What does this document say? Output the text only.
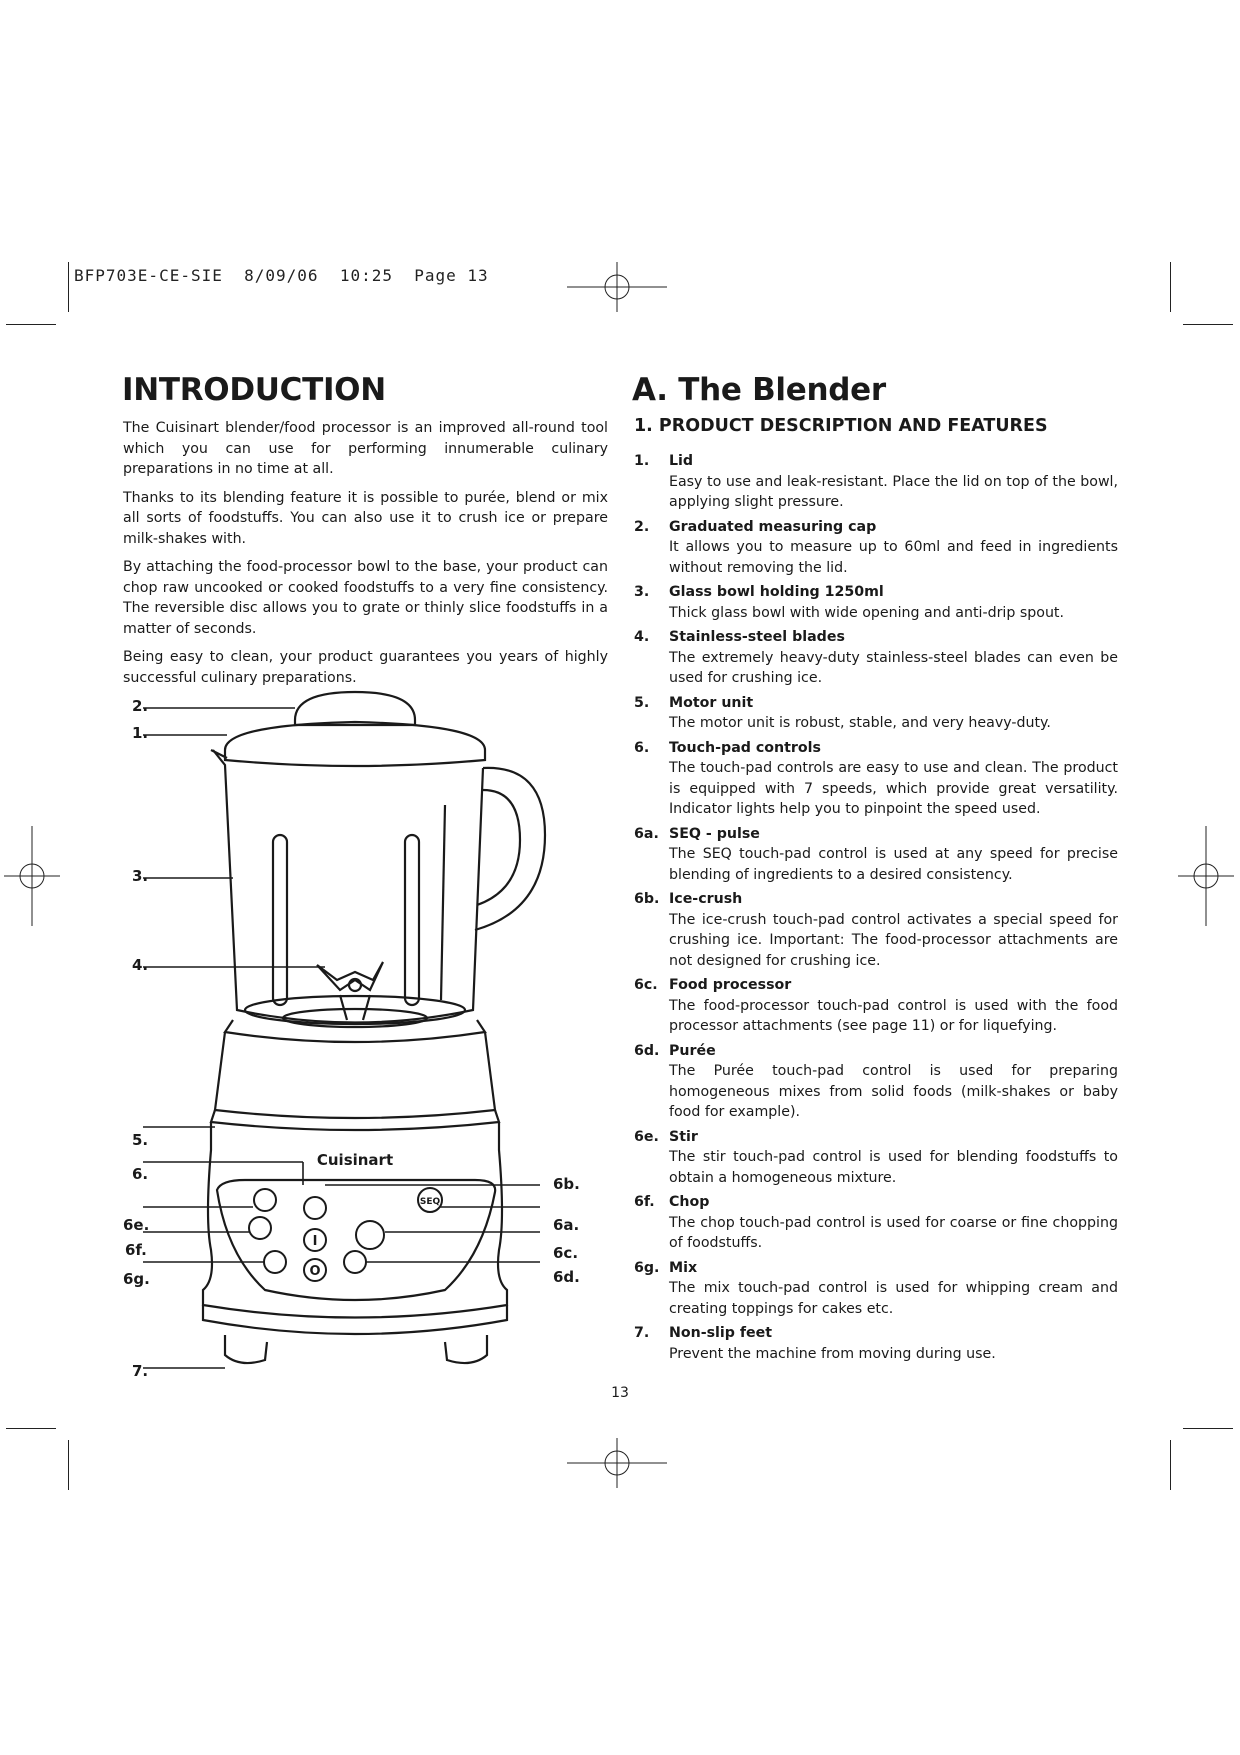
BFP703E-CE-SIE  8/09/06  10:25  Page 13
INTRODUCTION

The Cuisinart blender/food processor is an improved all-round tool which you can use for performing innumerable culinary preparations in no time at all.

Thanks to its blending feature it is possible to purée, blend or mix all sorts of foodstuffs. You can also use it to crush ice or prepare milk-shakes with.

By attaching the food-processor bowl to the base, your product can chop raw uncooked or cooked foodstuffs to a very fine consistency. The reversible disc allows you to grate or thinly slice foodstuffs in a matter of seconds.

Being easy to clean, your product guarantees you years of highly successful culinary preparations.

Cuisinart
SEQ
I
O
2.
1.
3.
4.
5.
6.
6e.
6f.
6g.
7.
6b.
6a.
6c.
6d.
A. The Blender
1. PRODUCT DESCRIPTION AND FEATURES
1. Lid
Easy to use and leak-resistant. Place the lid on top of the bowl, applying slight pressure.
2. Graduated measuring cap
It allows you to measure up to 60ml and feed in ingredients without removing the lid.
3. Glass bowl holding 1250ml
Thick glass bowl with wide opening and anti-drip spout.
4. Stainless-steel blades
The extremely heavy-duty stainless-steel blades can even be used for crushing ice.
5. Motor unit
The motor unit is robust, stable, and very heavy-duty.
6. Touch-pad controls
The touch-pad controls are easy to use and clean. The product is equipped with 7 speeds, which provide great versatility. Indicator lights help you to pinpoint the speed used.
6a. SEQ - pulse
The SEQ touch-pad control is used at any speed for precise blending of ingredients to a desired consistency.
6b. Ice-crush
The ice-crush touch-pad control activates a special speed for crushing ice. Important: The food-processor attachments are not designed for crushing ice.
6c. Food processor
The food-processor touch-pad control is used with the food processor attachments (see page 11) or for liquefying.
6d. Purée
The Purée touch-pad control is used for preparing homogeneous mixes from solid foods (milk-shakes or baby food for example).
6e. Stir
The stir touch-pad control is used for blending foodstuffs to obtain a homogeneous mixture.
6f. Chop
The chop touch-pad control is used for coarse or fine chopping of foodstuffs.
6g. Mix
The mix touch-pad control is used for whipping cream and creating toppings for cakes etc.
7. Non-slip feet
Prevent the machine from moving during use.
13
